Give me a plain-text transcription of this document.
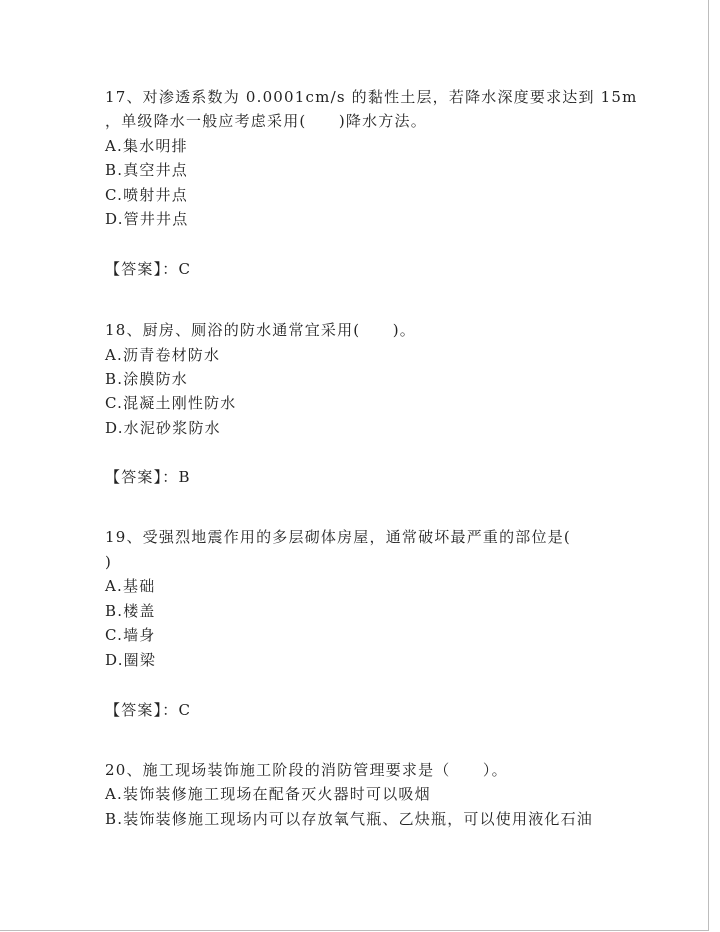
17、对渗透系数为 0.0001cm/s 的黏性土层，若降水深度要求达到 15m
，单级降水一般应考虑采用(　　)降水方法。
A.集水明排
B.真空井点
C.喷射井点
D.管井井点
【答案】：C
18、厨房、厕浴的防水通常宜采用(　　)。
A.沥青卷材防水
B.涂膜防水
C.混凝土刚性防水
D.水泥砂浆防水
【答案】：B
19、受强烈地震作用的多层砌体房屋，通常破坏最严重的部位是(
)
A.基础
B.楼盖
C.墙身
D.圈梁
【答案】：C
20、施工现场装饰施工阶段的消防管理要求是（　　）。
A.装饰装修施工现场在配备灭火器时可以吸烟
B.装饰装修施工现场内可以存放氧气瓶、乙炔瓶，可以使用液化石油
